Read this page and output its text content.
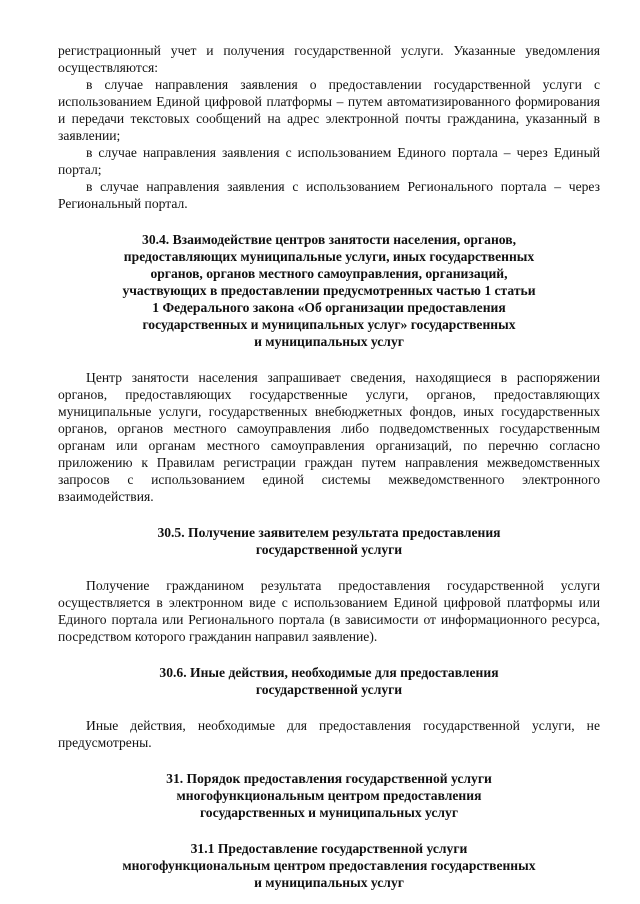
регистрационный учет и получения государственной услуги. Указанные уведомления осуществляются:

в случае направления заявления о предоставлении государственной услуги с использованием Единой цифровой платформы – путем автоматизированного формирования и передачи текстовых сообщений на адрес электронной почты гражданина, указанный в заявлении;

в случае направления заявления с использованием Единого портала – через Единый портал;

в случае направления заявления с использованием Регионального портала – через Региональный портал.

30.4. Взаимодействие центров занятости населения, органов,
предоставляющих муниципальные услуги, иных государственных
органов, органов местного самоуправления, организаций,
участвующих в предоставлении предусмотренных частью 1 статьи
1 Федерального закона «Об организации предоставления
государственных и муниципальных услуг» государственных
и муниципальных услуг

Центр занятости населения запрашивает сведения, находящиеся в распоряжении органов, предоставляющих государственные услуги, органов, предоставляющих муниципальные услуги, государственных внебюджетных фондов, иных государственных органов, органов местного самоуправления либо подведомственных государственным органам или органам местного самоуправления организаций, по перечню согласно приложению к Правилам регистрации граждан путем направления межведомственных запросов с использованием единой системы межведомственного электронного взаимодействия.

30.5. Получение заявителем результата предоставления
государственной услуги

Получение гражданином результата предоставления государственной услуги осуществляется в электронном виде с использованием Единой цифровой платформы или Единого портала или Регионального портала (в зависимости от информационного ресурса, посредством которого гражданин направил заявление).

30.6. Иные действия, необходимые для предоставления
государственной услуги

Иные действия, необходимые для предоставления государственной услуги, не предусмотрены.

31. Порядок предоставления государственной услуги
многофункциональным центром предоставления
государственных и муниципальных услуг
31.1 Предоставление государственной услуги
многофункциональным центром предоставления государственных
и муниципальных услуг
